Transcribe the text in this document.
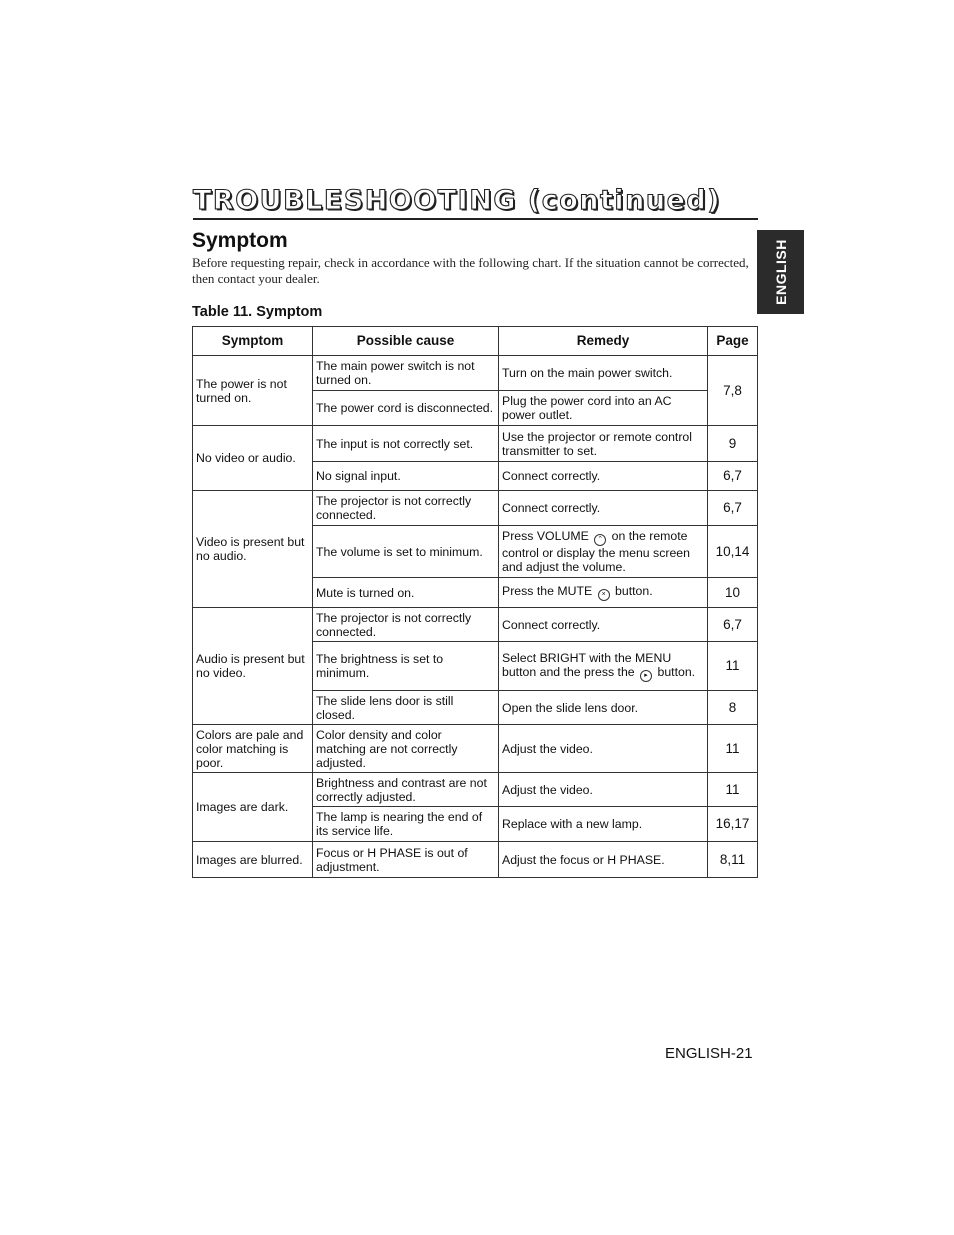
TROUBLESHOOTING (continued)
Symptom
Before requesting repair, check in accordance with the following chart. If the situation cannot be corrected, then contact your dealer.	ENGLISH
Table 11. Symptom
Symptom	Possible cause	Remedy	Page
The power is not turned on.	The main power switch is not turned on.	Turn on the main power switch.	7,8
	The power cord is disconnected.	Plug the power cord into an AC power outlet.	
No video or audio.	The input is not correctly set.	Use the projector or remote control transmitter to set.	9
	No signal input.	Connect correctly.	6,7
Video is present but no audio.	The projector is not correctly connected.	Connect correctly.	6,7
	The volume is set to minimum.	Press VOLUME ⌃ on the remote control or display the menu screen and adjust the volume.	10,14
	Mute is turned on.	Press the MUTE × button.	10
Audio is present but no video.	The projector is not correctly connected.	Connect correctly.	6,7
	The brightness is set to minimum.	Select BRIGHT with the MENU button and the press the ▸ button.	11
	The slide lens door is still closed.	Open the slide lens door.	8
Colors are pale and color matching is poor.	Color density and color matching are not correctly adjusted.	Adjust the video.	11
Images are dark.	Brightness and contrast are not correctly adjusted.	Adjust the video.	11
	The lamp is nearing the end of its service life.	Replace with a new lamp.	16,17
Images are blurred.	Focus or H PHASE is out of adjustment.	Adjust the focus or H PHASE.	8,11
ENGLISH-21
